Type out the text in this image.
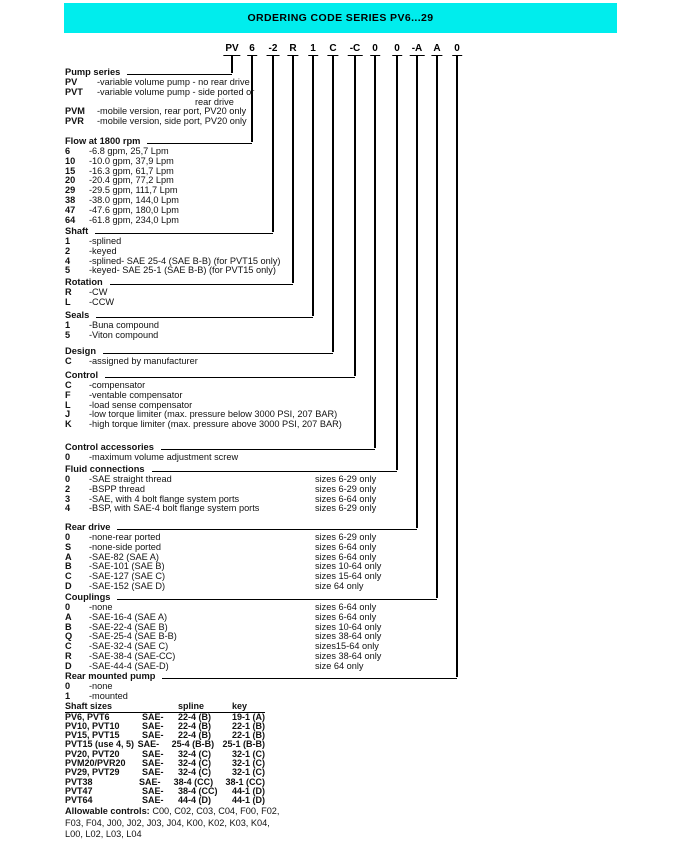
ORDERING CODE SERIES PV6...29
PV 6 -2 R 1 C -C 0 0 -A A 0
Pump series
PV	-variable volume pump - no rear drive
PVT	-variable volume pump - side ported or
rear drive
PVM	-mobile version, rear port, PV20 only
PVR	-mobile version, side port, PV20 only
Flow at 1800 rpm
6	-6.8 gpm, 25,7 Lpm
10	-10.0 gpm, 37,9 Lpm
15	-16.3 gpm, 61,7 Lpm
20	-20.4 gpm, 77,2 Lpm
29	-29.5 gpm, 111,7 Lpm
38	-38.0 gpm, 144,0 Lpm
47	-47.6 gpm, 180,0 Lpm
64	-61.8 gpm, 234,0 Lpm
Shaft
1	-splined
2	-keyed
4	-splined- SAE 25-4 (SAE B-B) (for PVT15 only)
5	-keyed- SAE 25-1 (SAE B-B) (for PVT15 only)
Rotation
R	-CW
L	-CCW
Seals
1	-Buna compound
5	-Viton compound
Design
C	-assigned by manufacturer
Control
C	-compensator
F	-ventable compensator
L	-load sense compensator
J	-low torque limiter (max. pressure below 3000 PSI, 207 BAR)
K	-high torque limiter (max. pressure above 3000 PSI, 207 BAR)
Control accessories
0	-maximum volume adjustment screw
Fluid connections
0	-SAE straight thread	sizes 6-29 only
2	-BSPP thread	sizes 6-29 only
3	-SAE, with 4 bolt flange system ports	sizes 6-64 only
4	-BSP, with SAE-4 bolt flange system ports	sizes 6-29 only
Rear drive
0	-none-rear ported	sizes 6-29 only
S	-none-side ported	sizes 6-64 only
A	-SAE-82 (SAE A)	sizes 6-64 only
B	-SAE-101 (SAE B)	sizes 10-64 only
C	-SAE-127 (SAE C)	sizes 15-64 only
D	-SAE-152 (SAE D)	size 64 only
Couplings
0	-none	sizes 6-64 only
A	-SAE-16-4 (SAE A)	sizes 6-64 only
B	-SAE-22-4 (SAE B)	sizes 10-64 only
Q	-SAE-25-4 (SAE B-B)	sizes 38-64 only
C	-SAE-32-4 (SAE C)	sizes15-64 only
R	-SAE-38-4 (SAE-CC)	sizes 38-64 only
D	-SAE-44-4 (SAE-D)	size 64 only
Rear mounted pump
0	-none
1	-mounted
Shaft sizes	spline	key
PV6, PVT6	SAE-	22-4 (B)	19-1 (A)
PV10, PVT10	SAE-	22-4 (B)	22-1 (B)
PV15, PVT15	SAE-	22-4 (B)	22-1 (B)
PVT15 (use 4, 5) SAE-	25-4 (B-B) 25-1 (B-B)
PV20, PVT20	SAE-	32-4 (C)	32-1 (C)
PVM20/PVR20	SAE-	32-4 (C)	32-1 (C)
PV29, PVT29	SAE-	32-4 (C)	32-1 (C)
PVT38	SAE-	38-4 (CC)	38-1 (CC)
PVT47	SAE-	38-4 (CC)	44-1 (D)
PVT64	SAE-	44-4 (D)	44-1 (D)
Allowable controls: C00, C02, C03, C04, F00, F02,
F03, F04, J00, J02, J03, J04, K00, K02, K03, K04,
L00, L02, L03, L04
